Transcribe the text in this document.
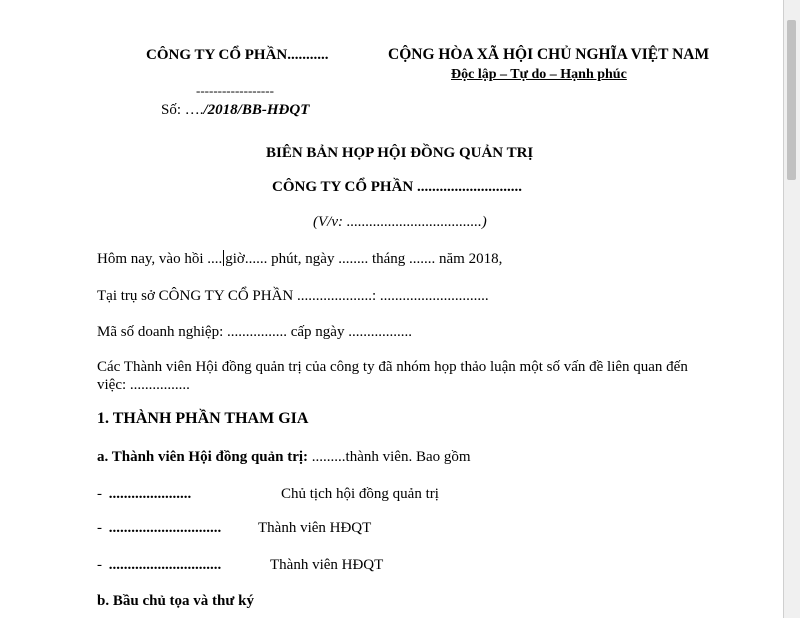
CÔNG TY CỔ PHẦN...........
------------------
Số: …./2018/BB-HĐQT
CỘNG HÒA XÃ HỘI CHỦ NGHĨA VIỆT NAM
Độc lập – Tự do – Hạnh phúc
BIÊN BẢN HỌP HỘI ĐỒNG QUẢN TRỊ
CÔNG TY CỔ PHẦN ............................
(V/v: ....................................)
Hôm nay, vào hồi .... giờ...... phút, ngày ........ tháng ....... năm 2018,
Tại trụ sở CÔNG TY CỔ PHẦN ....................: .............................
Mã số doanh nghiệp: ................ cấp ngày .................
Các Thành viên Hội đồng quản trị của công ty đã nhóm họp thảo luận một số vấn đề liên quan đến
việc: ................
1. THÀNH PHẦN THAM GIA
a. Thành viên Hội đồng quản trị: .........thành viên. Bao gồm
- ......................	Chủ tịch hội đồng quản trị
- .............................. Thành viên HĐQT
- ..............................	Thành viên HĐQT
b. Bầu chủ tọa và thư ký
